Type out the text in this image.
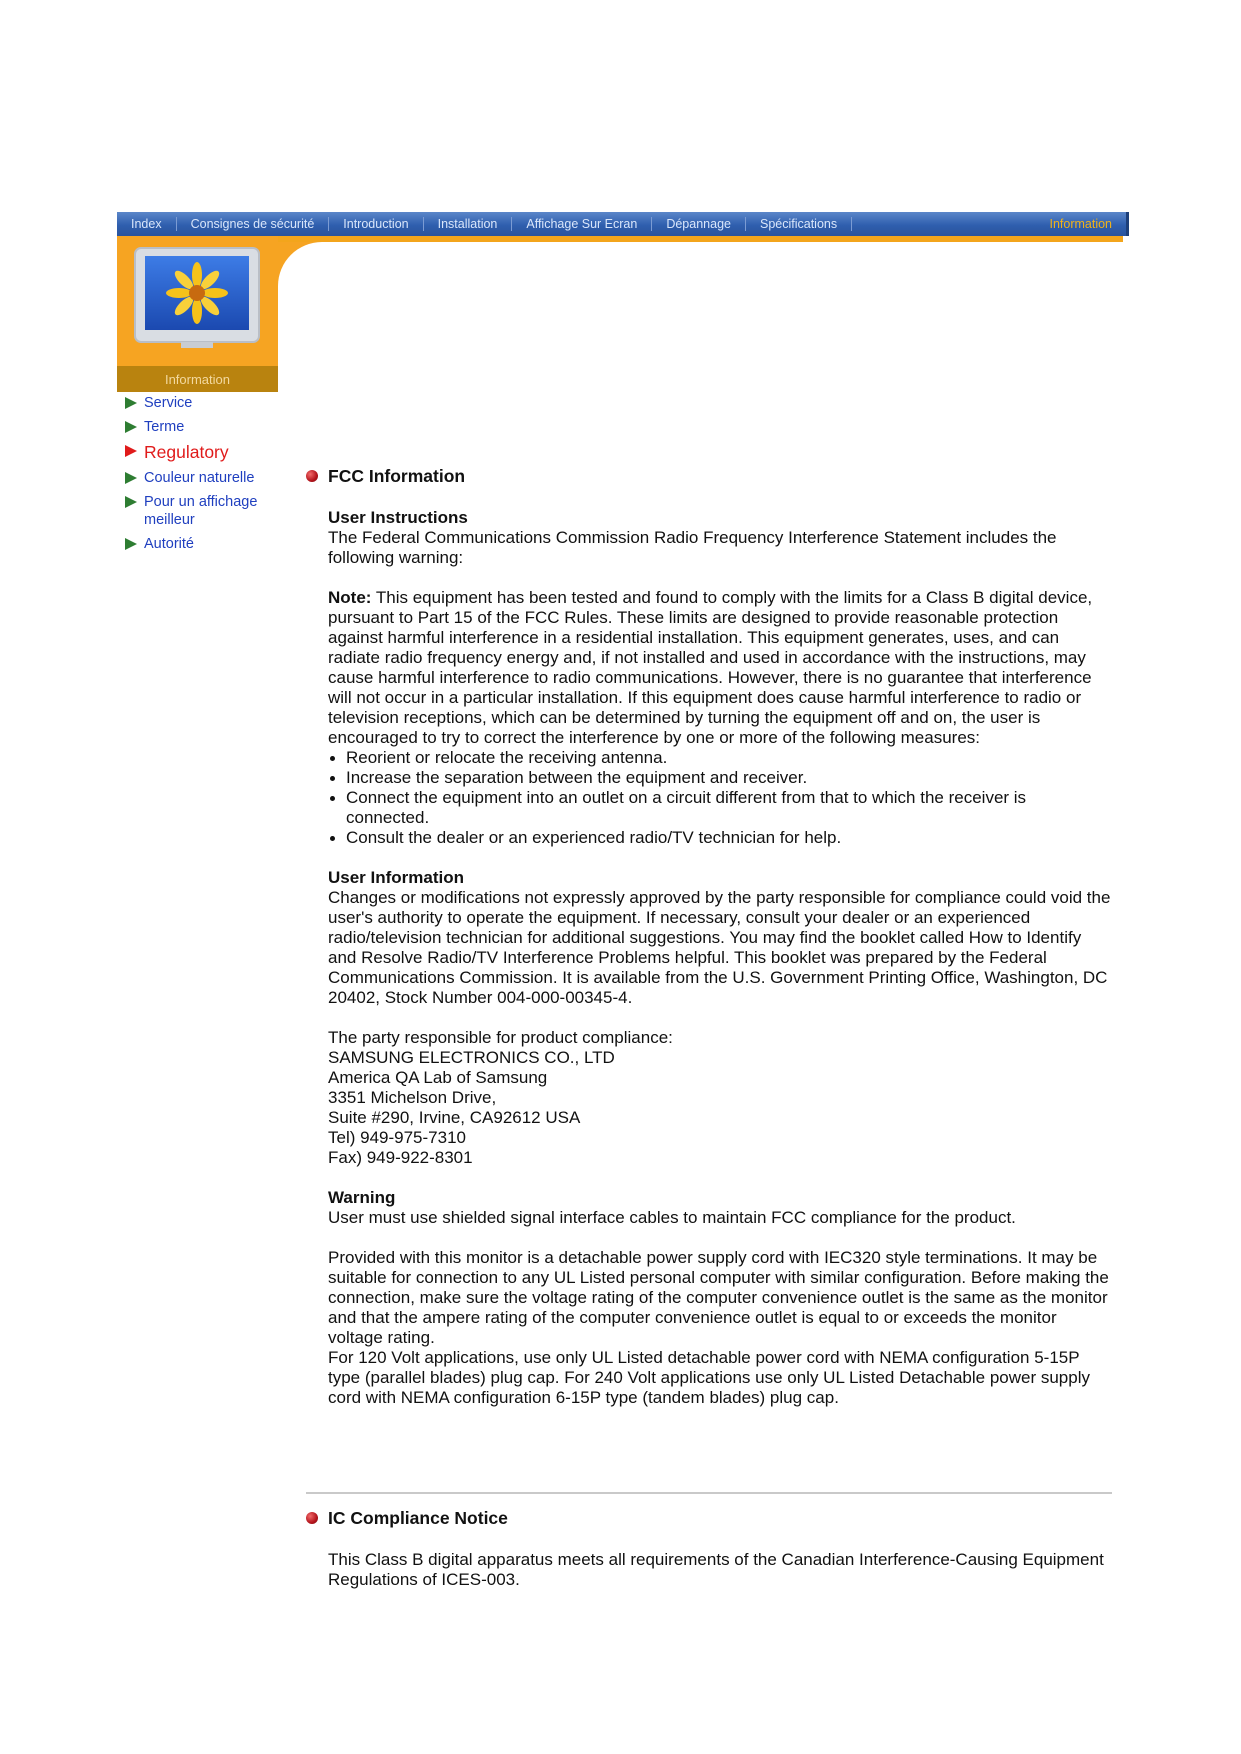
Index	Consignes de sécurité	Introduction	Installation	Affichage Sur Ecran	Dépannage	Spécifications	Information
Information
Service
Terme
Regulatory
Couleur naturelle
Pour un affichage meilleur
Autorité
FCC Information

User Instructions

The Federal Communications Commission Radio Frequency Interference Statement includes the following warning:

Note: This equipment has been tested and found to comply with the limits for a Class B digital device, pursuant to Part 15 of the FCC Rules. These limits are designed to provide reasonable protection against harmful interference in a residential installation. This equipment generates, uses, and can radiate radio frequency energy and, if not installed and used in accordance with the instructions, may cause harmful interference to radio communications. However, there is no guarantee that interference will not occur in a particular installation. If this equipment does cause harmful interference to radio or television receptions, which can be determined by turning the equipment off and on, the user is encouraged to try to correct the interference by one or more of the following measures:

Reorient or relocate the receiving antenna.
Increase the separation between the equipment and receiver.
Connect the equipment into an outlet on a circuit different from that to which the receiver is connected.
Consult the dealer or an experienced radio/TV technician for help.

User Information

Changes or modifications not expressly approved by the party responsible for compliance could void the user's authority to operate the equipment. If necessary, consult your dealer or an experienced radio/television technician for additional suggestions. You may find the booklet called How to Identify and Resolve Radio/TV Interference Problems helpful. This booklet was prepared by the Federal Communications Commission. It is available from the U.S. Government Printing Office, Washington, DC 20402, Stock Number 004-000-00345-4.

The party responsible for product compliance:

SAMSUNG ELECTRONICS CO., LTD

America QA Lab of Samsung

3351 Michelson Drive,

Suite #290, Irvine, CA92612 USA

Tel) 949-975-7310

Fax) 949-922-8301

Warning

User must use shielded signal interface cables to maintain FCC compliance for the product.

Provided with this monitor is a detachable power supply cord with IEC320 style terminations. It may be suitable for connection to any UL Listed personal computer with similar configuration. Before making the connection, make sure the voltage rating of the computer convenience outlet is the same as the monitor and that the ampere rating of the computer convenience outlet is equal to or exceeds the monitor voltage rating.

For 120 Volt applications, use only UL Listed detachable power cord with NEMA configuration 5-15P type (parallel blades) plug cap. For 240 Volt applications use only UL Listed Detachable power supply cord with NEMA configuration 6-15P type (tandem blades) plug cap.

IC Compliance Notice

This Class B digital apparatus meets all requirements of the Canadian Interference-Causing Equipment Regulations of ICES-003.
